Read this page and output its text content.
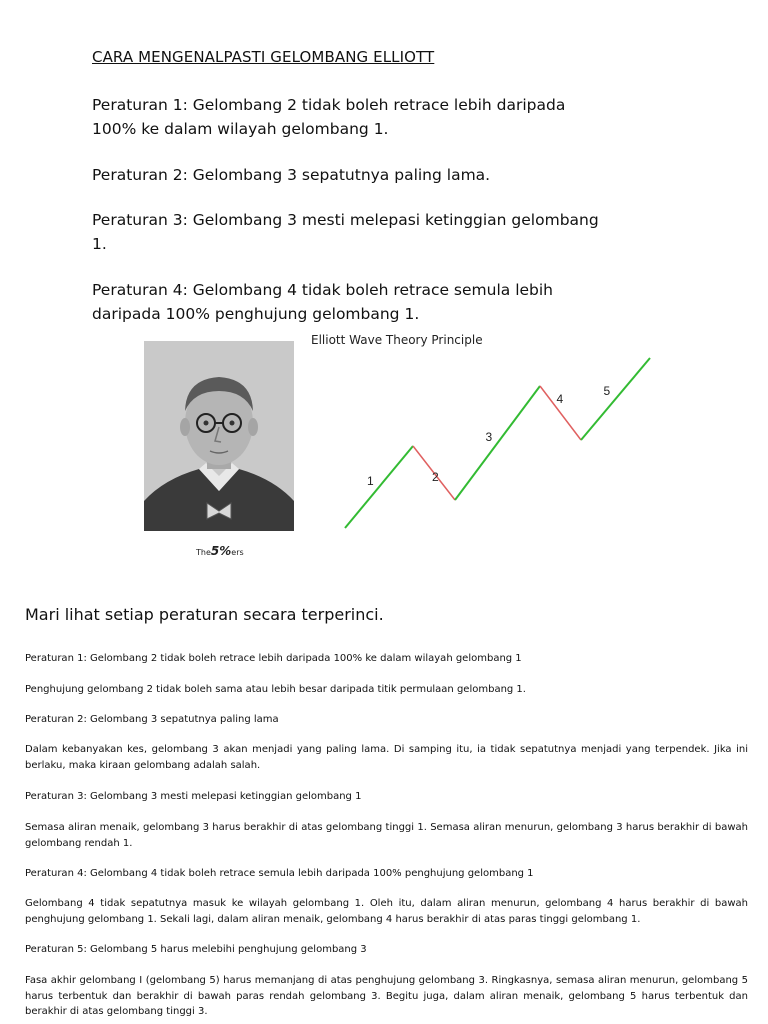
CARA MENGENALPASTI GELOMBANG ELLIOTT
Peraturan 1: Gelombang 2 tidak boleh retrace lebih daripada 100% ke dalam wilayah gelombang 1.
Peraturan 2: Gelombang 3 sepatutnya paling lama.
Peraturan 3: Gelombang 3 mesti melepasi ketinggian gelombang 1.
Peraturan 4: Gelombang 4 tidak boleh retrace semula lebih daripada 100% penghujung gelombang 1.
The5%ers
Elliott Wave Theory Principle
1	2
3
4
5
Mari lihat setiap peraturan secara terperinci.
Peraturan 1: Gelombang 2 tidak boleh retrace lebih daripada 100% ke dalam wilayah gelombang 1
Penghujung gelombang 2 tidak boleh sama atau lebih besar daripada titik permulaan gelombang 1.
Peraturan 2: Gelombang 3 sepatutnya paling lama
Dalam kebanyakan kes, gelombang 3 akan menjadi yang paling lama. Di samping itu, ia tidak sepatutnya menjadi yang terpendek. Jika ini berlaku, maka kiraan gelombang adalah salah.
Peraturan 3: Gelombang 3 mesti melepasi ketinggian gelombang 1
Semasa aliran menaik, gelombang 3 harus berakhir di atas gelombang tinggi 1. Semasa aliran menurun, gelombang 3 harus berakhir di bawah gelombang rendah 1.
Peraturan 4: Gelombang 4 tidak boleh retrace semula lebih daripada 100% penghujung gelombang 1
Gelombang 4 tidak sepatutnya masuk ke wilayah gelombang 1. Oleh itu, dalam aliran menurun, gelombang 4 harus berakhir di bawah penghujung gelombang 1. Sekali lagi, dalam aliran menaik, gelombang 4 harus berakhir di atas paras tinggi gelombang 1.
Peraturan 5: Gelombang 5 harus melebihi penghujung gelombang 3
Fasa akhir gelombang I (gelombang 5) harus memanjang di atas penghujung gelombang 3. Ringkasnya, semasa aliran menurun, gelombang 5 harus terbentuk dan berakhir di bawah paras rendah gelombang 3. Begitu juga, dalam aliran menaik, gelombang 5 harus terbentuk dan berakhir di atas gelombang tinggi 3.
